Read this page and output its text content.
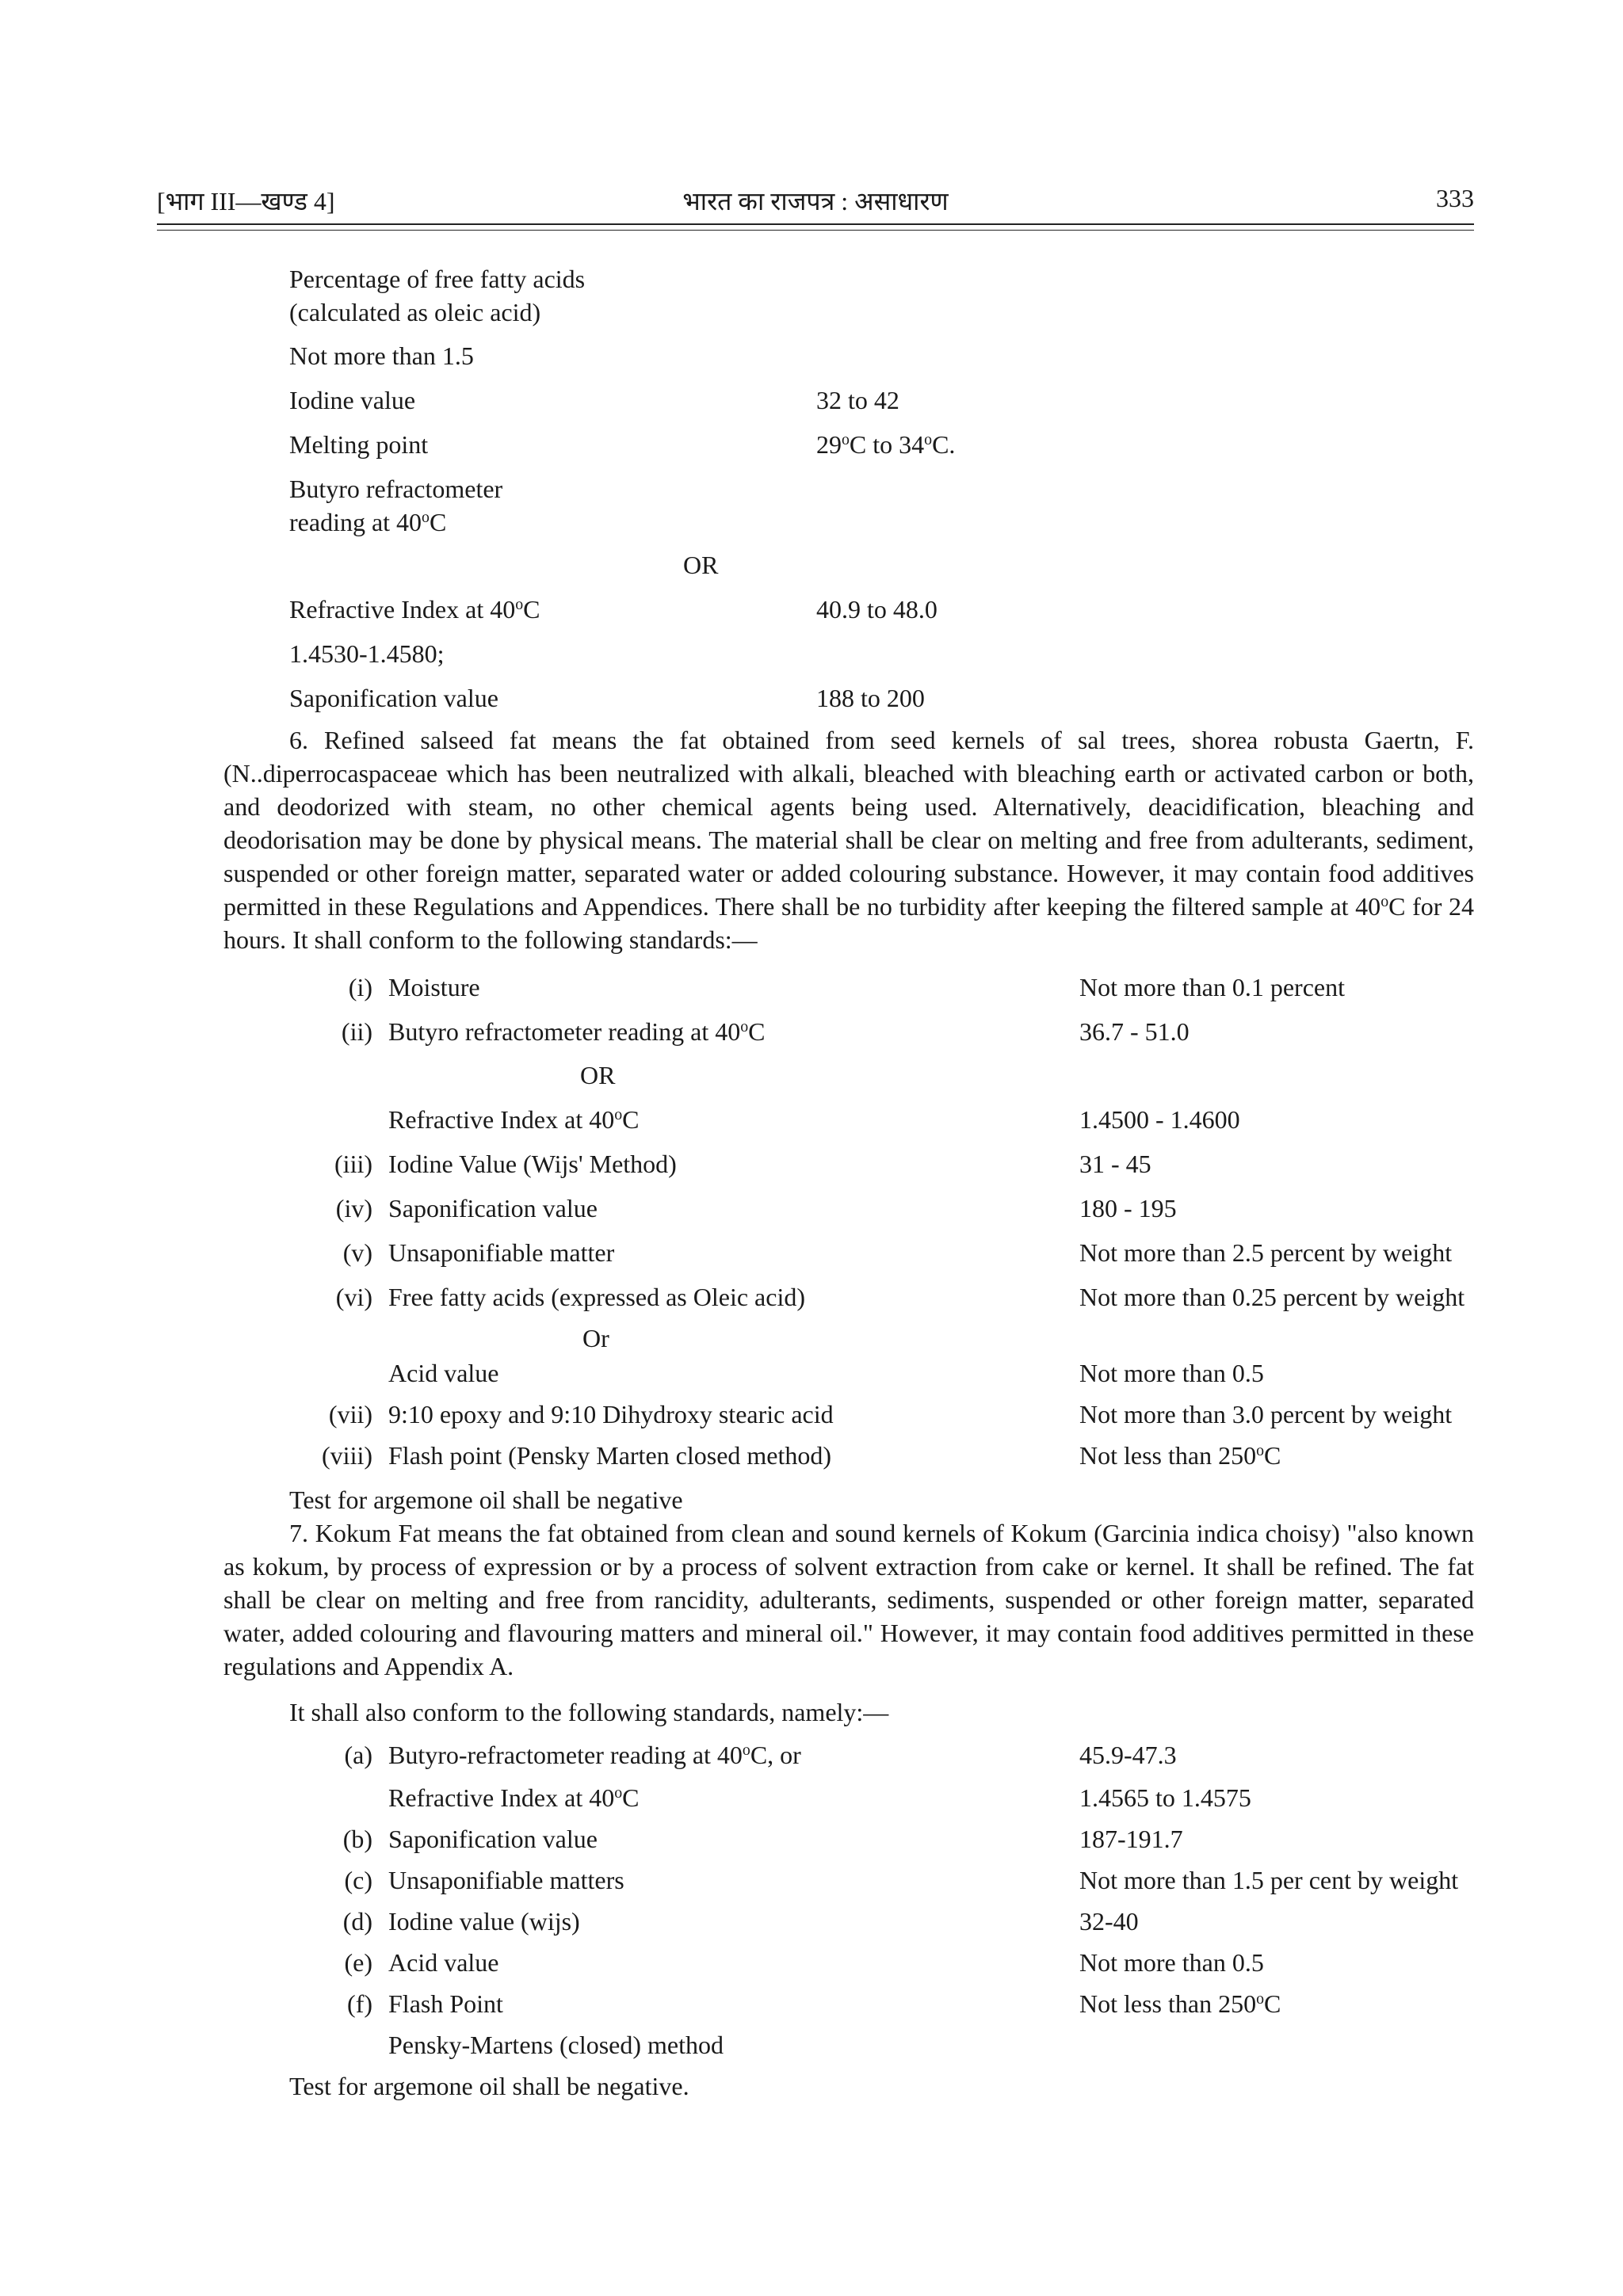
[भाग III—खण्ड 4]	भारत का राजपत्र : असाधारण	333
Percentage of free fatty acids
(calculated as oleic acid)
Not more than 1.5
Iodine value	32 to 42
Melting point	29$^o$C to 34$^o$C.
Butyro refractometer
reading at 40$^o$C
OR
Refractive Index at 40$^o$C	40.9 to 48.0
1.4530-1.4580;
Saponification value	188 to 200
6. Refined salseed fat means the fat obtained from seed kernels of sal trees, shorea robusta Gaertn, F.(N..diperrocaspaceae which has been neutralized with alkali, bleached with bleaching earth or activated carbon or both, and deodorized with steam, no other chemical agents being used. Alternatively, deacidification, bleaching and deodorisation may be done by physical means. The material shall be clear on melting and free from adulterants, sediment, suspended or other foreign matter, separated water or added colouring substance. However, it may contain food additives permitted in these Regulations and Appendices. There shall be no turbidity after keeping the filtered sample at 40$^o$C for 24 hours. It shall conform to the following standards:—
(i) Moisture	Not more than 0.1 percent
(ii) Butyro refractometer reading at 40$^o$C	36.7 - 51.0
OR
Refractive Index at 40$^o$C	1.4500 - 1.4600
(iii) Iodine Value (Wijs' Method)	31 - 45
(iv) Saponification value	180 - 195
(v) Unsaponifiable matter	Not more than 2.5 percent by weight
(vi) Free fatty acids (expressed as Oleic acid)	Not more than 0.25 percent by weight
Or
Acid value	Not more than 0.5
(vii) 9:10 epoxy and 9:10 Dihydroxy stearic acid	Not more than 3.0 percent by weight
(viii) Flash point (Pensky Marten closed method)	Not less than 250$^o$C
Test for argemone oil shall be negative
7. Kokum Fat means the fat obtained from clean and sound kernels of Kokum (Garcinia indica choisy) "also known as kokum, by process of expression or by a process of solvent extraction from cake or kernel. It shall be refined. The fat shall be clear on melting and free from rancidity, adulterants, sediments, suspended or other foreign matter, separated water, added colouring and flavouring matters and mineral oil." However, it may contain food additives permitted in these regulations and Appendix A.
It shall also conform to the following standards, namely:—
(a) Butyro-refractometer reading at 40$^o$C, or	45.9-47.3
Refractive Index at 40$^o$C	1.4565 to 1.4575
(b) Saponification value	187-191.7
(c) Unsaponifiable matters	Not more than 1.5 per cent by weight
(d) Iodine value (wijs)	32-40
(e) Acid value	Not more than 0.5
(f) Flash Point	Not less than 250$^o$C
Pensky-Martens (closed) method
Test for argemone oil shall be negative.
